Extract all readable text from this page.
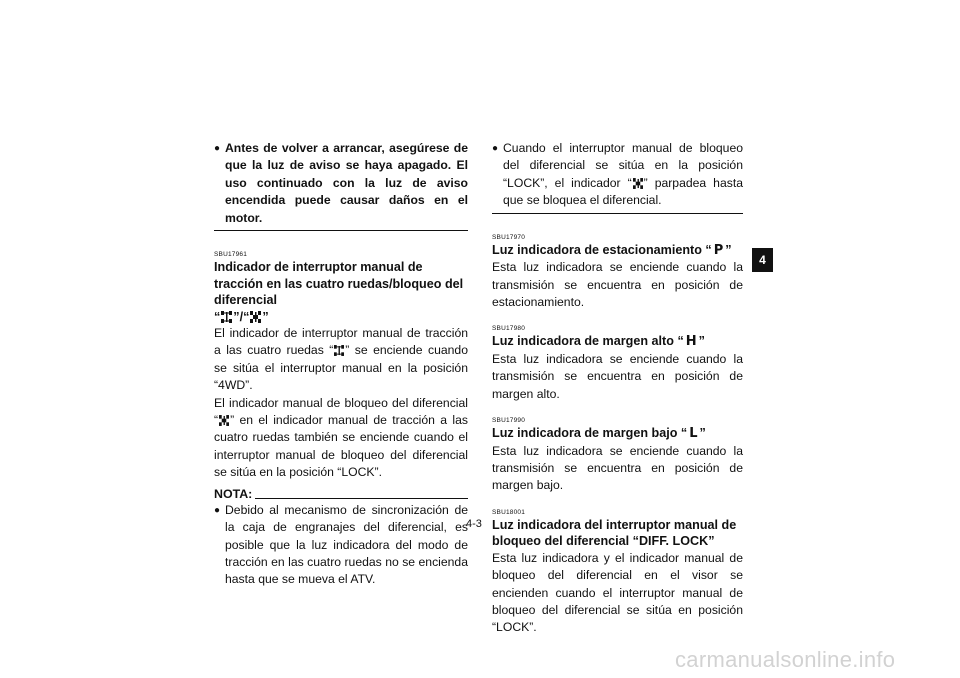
● Antes de volver a arrancar, asegúrese de que la luz de aviso se haya apagado. El uso continuado con la luz de aviso encendida puede causar daños en el motor.

SBU17961

Indicador de interruptor manual de tracción en las cuatro ruedas/bloqueo del diferencial
“ ”/“ ”

El indicador de interruptor manual de tracción a las cuatro ruedas “ ” se enciende cuando se sitúa el interruptor manual en la posición “4WD”.

El indicador manual de bloqueo del diferencial “ ” en el indicador manual de tracción a las cuatro ruedas también se enciende cuando el interruptor manual de bloqueo del diferencial se sitúa en la posición “LOCK”.

NOTA:
● Debido al mecanismo de sincronización de la caja de engranajes del diferencial, es posible que la luz indicadora del modo de tracción en las cuatro ruedas no se encienda hasta que se mueva el ATV.
● Cuando el interruptor manual de bloqueo del diferencial se sitúa en la posición “LOCK”, el indicador “ ” parpadea hasta que se bloquea el diferencial.

SBU17970

Luz indicadora de estacionamiento “ P ”

Esta luz indicadora se enciende cuando la transmisión se encuentra en posición de estacionamiento.

SBU17980

Luz indicadora de margen alto “ H ”

Esta luz indicadora se enciende cuando la transmisión se encuentra en posición de margen alto.

SBU17990

Luz indicadora de margen bajo “ L ”

Esta luz indicadora se enciende cuando la transmisión se encuentra en posición de margen bajo.

SBU18001

Luz indicadora del interruptor manual de bloqueo del diferencial “DIFF. LOCK”

Esta luz indicadora y el indicador manual de bloqueo del diferencial en el visor se encienden cuando el interruptor manual de bloqueo del diferencial se sitúa en posición “LOCK”.

4
4-3
carmanualsonline.info
